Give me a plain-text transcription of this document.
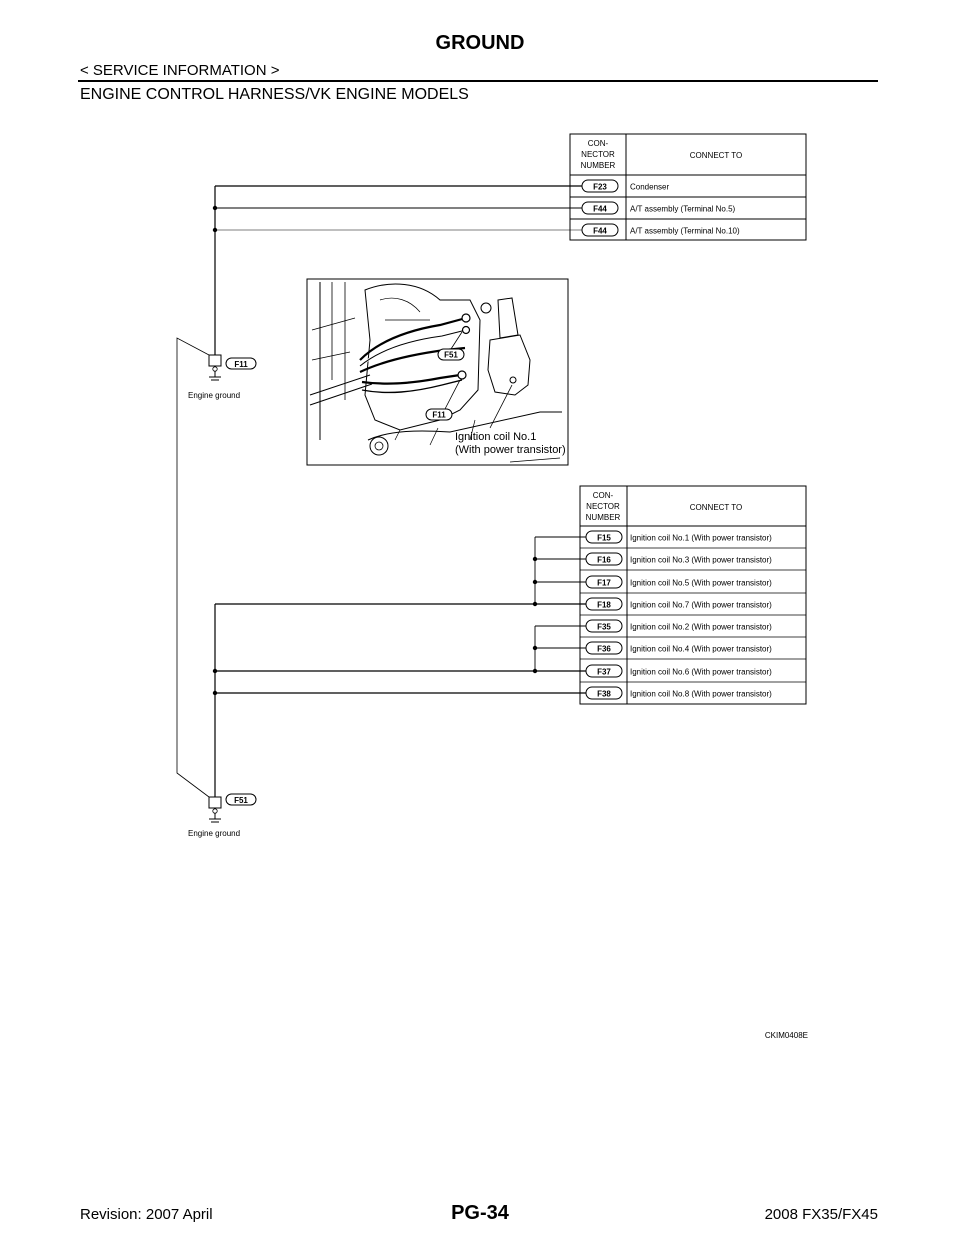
GROUND
< SERVICE INFORMATION >
ENGINE CONTROL HARNESS/VK ENGINE MODELS
CON-
NECTOR
NUMBER
CONNECT TO
F23	Condenser
F44	A/T assembly (Terminal No.5)
F44	A/T assembly (Terminal No.10)
F11
Engine ground
F51
F11
Ignition coil No.1
(With power transistor)
CON-
NECTOR
NUMBER
CONNECT TO
F15 Ignition coil No.1 (With power transistor)
F16 Ignition coil No.3 (With power transistor)
F17 Ignition coil No.5 (With power transistor)
F18 Ignition coil No.7 (With power transistor)
F35 Ignition coil No.2 (With power transistor)
F36 Ignition coil No.4 (With power transistor)
F37 Ignition coil No.6 (With power transistor)
F38 Ignition coil No.8 (With power transistor)
F51
Engine ground
CKIM0408E
Revision: 2007 April	PG-34	2008 FX35/FX45
